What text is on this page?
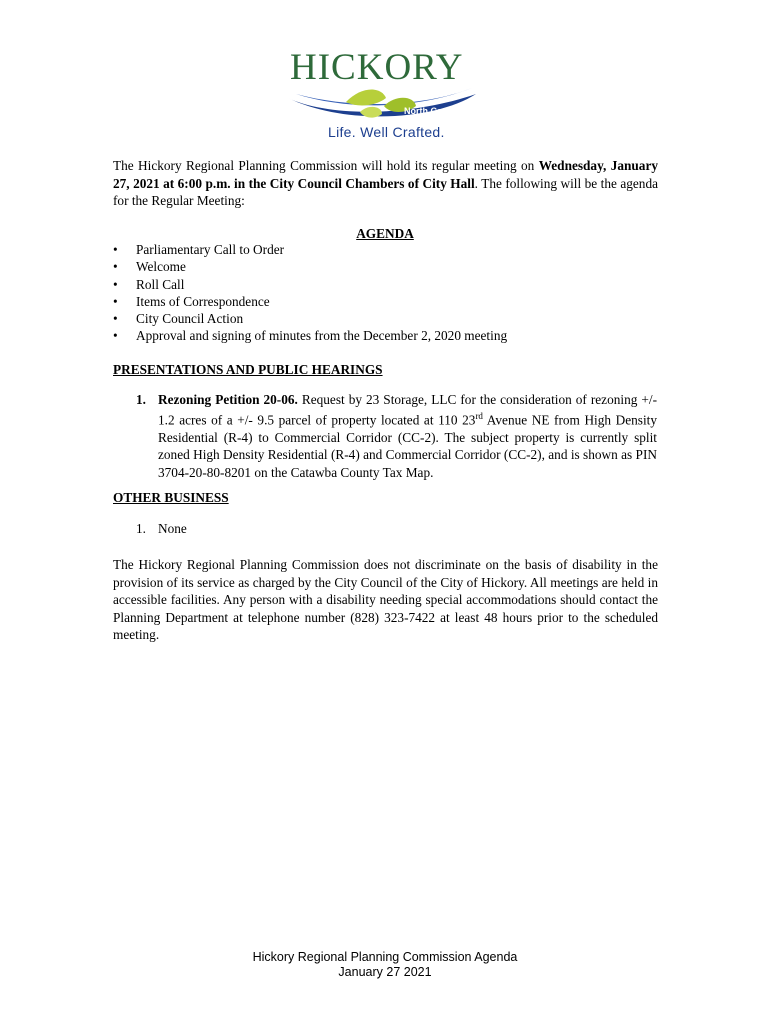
HICKORY
North Carolina
Life. Well Crafted.
The Hickory Regional Planning Commission will hold its regular meeting on Wednesday, January 27, 2021 at 6:00 p.m. in the City Council Chambers of City Hall. The following will be the agenda for the Regular Meeting:
AGENDA
• Parliamentary Call to Order
• Welcome
• Roll Call
• Items of Correspondence
• City Council Action
• Approval and signing of minutes from the December 2, 2020 meeting
PRESENTATIONS AND PUBLIC HEARINGS
1. Rezoning Petition 20-06. Request by 23 Storage, LLC for the consideration of rezoning +/- 1.2 acres of a +/- 9.5 parcel of property located at 110 23rd Avenue NE from High Density Residential (R-4) to Commercial Corridor (CC-2). The subject property is currently split zoned High Density Residential (R-4) and Commercial Corridor (CC-2), and is shown as PIN 3704-20-80-8201 on the Catawba County Tax Map.
OTHER BUSINESS
1. None
The Hickory Regional Planning Commission does not discriminate on the basis of disability in the provision of its service as charged by the City Council of the City of Hickory. All meetings are held in accessible facilities. Any person with a disability needing special accommodations should contact the Planning Department at telephone number (828) 323-7422 at least 48 hours prior to the scheduled meeting.
Hickory Regional Planning Commission Agenda
January 27 2021
